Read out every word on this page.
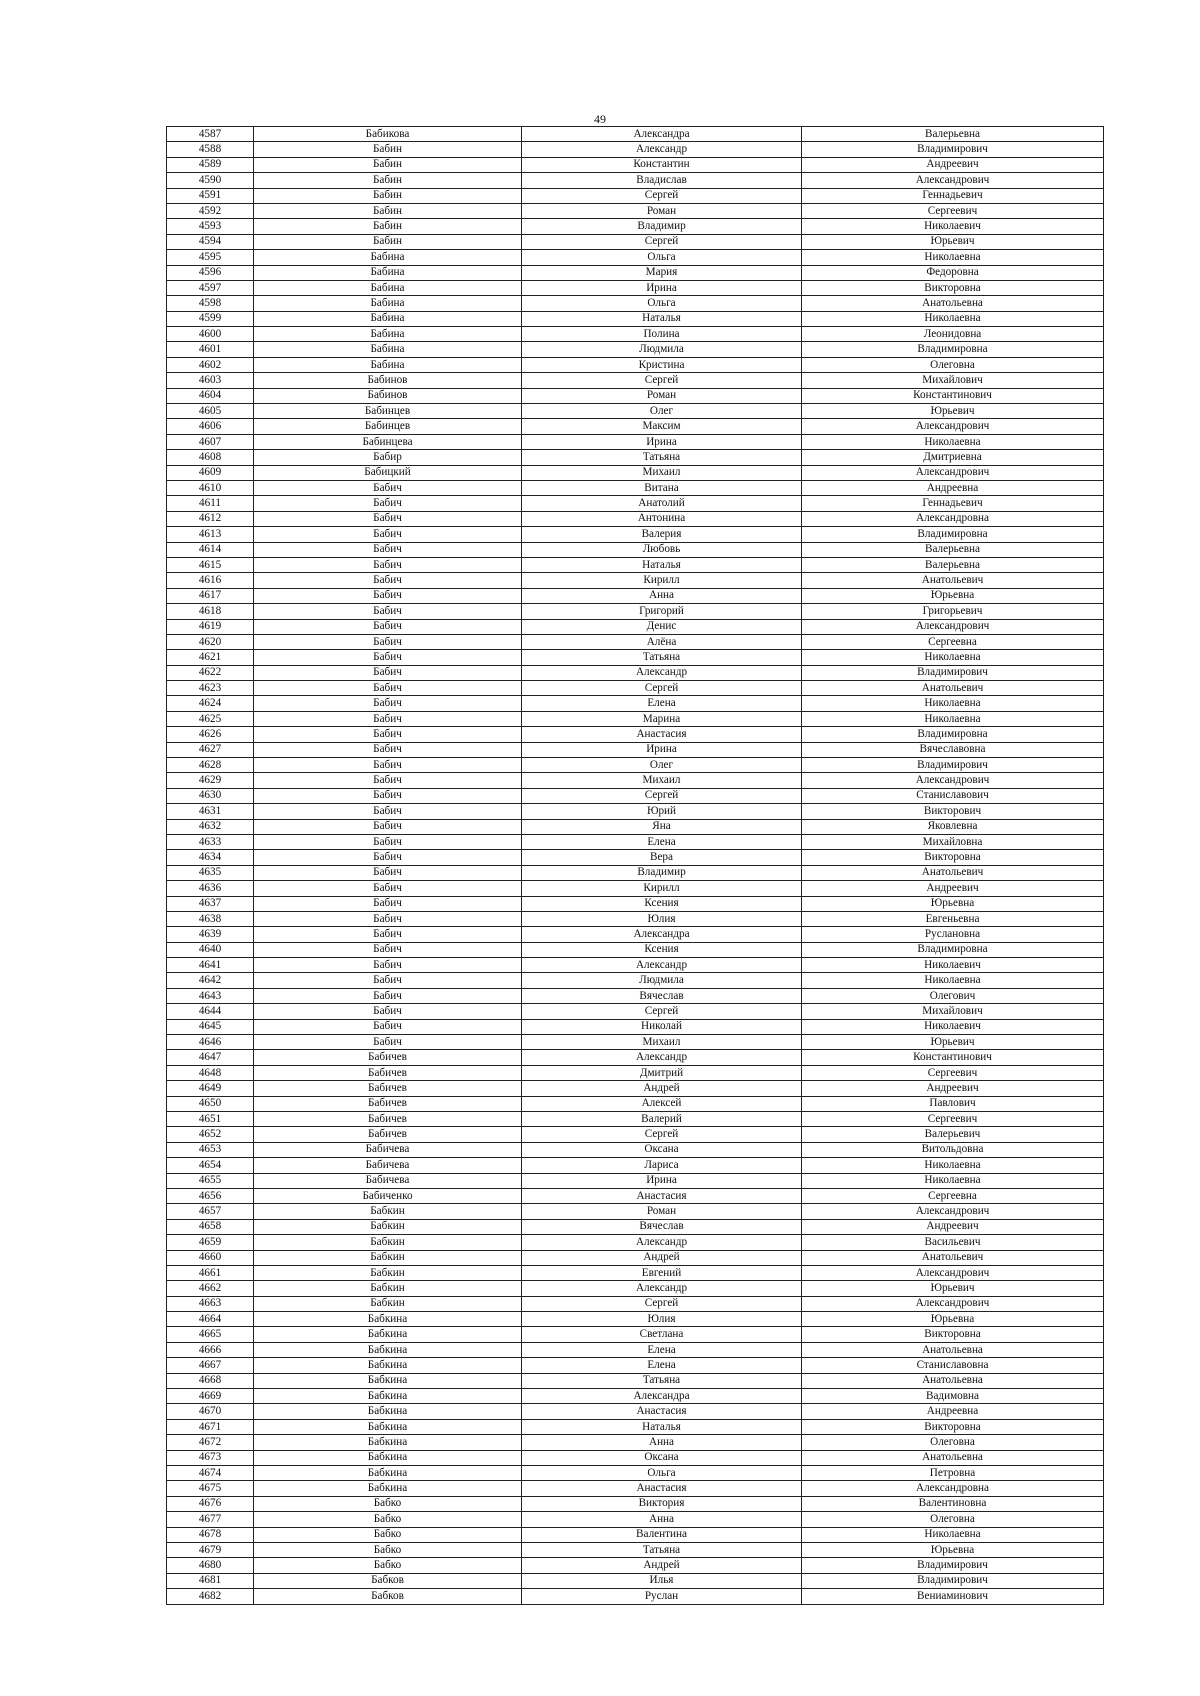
49
4587	Бабикова	Александра	Валерьевна
4588	Бабин	Александр	Владимирович
4589	Бабин	Константин	Андреевич
4590	Бабин	Владислав	Александрович
4591	Бабин	Сергей	Геннадьевич
4592	Бабин	Роман	Сергеевич
4593	Бабин	Владимир	Николаевич
4594	Бабин	Сергей	Юрьевич
4595	Бабина	Ольга	Николаевна
4596	Бабина	Мария	Федоровна
4597	Бабина	Ирина	Викторовна
4598	Бабина	Ольга	Анатольевна
4599	Бабина	Наталья	Николаевна
4600	Бабина	Полина	Леонидовна
4601	Бабина	Людмила	Владимировна
4602	Бабина	Кристина	Олеговна
4603	Бабинов	Сергей	Михайлович
4604	Бабинов	Роман	Константинович
4605	Бабинцев	Олег	Юрьевич
4606	Бабинцев	Максим	Александрович
4607	Бабинцева	Ирина	Николаевна
4608	Бабир	Татьяна	Дмитриевна
4609	Бабицкий	Михаил	Александрович
4610	Бабич	Витана	Андреевна
4611	Бабич	Анатолий	Геннадьевич
4612	Бабич	Антонина	Александровна
4613	Бабич	Валерия	Владимировна
4614	Бабич	Любовь	Валерьевна
4615	Бабич	Наталья	Валерьевна
4616	Бабич	Кирилл	Анатольевич
4617	Бабич	Анна	Юрьевна
4618	Бабич	Григорий	Григорьевич
4619	Бабич	Денис	Александрович
4620	Бабич	Алёна	Сергеевна
4621	Бабич	Татьяна	Николаевна
4622	Бабич	Александр	Владимирович
4623	Бабич	Сергей	Анатольевич
4624	Бабич	Елена	Николаевна
4625	Бабич	Марина	Николаевна
4626	Бабич	Анастасия	Владимировна
4627	Бабич	Ирина	Вячеславовна
4628	Бабич	Олег	Владимирович
4629	Бабич	Михаил	Александрович
4630	Бабич	Сергей	Станиславович
4631	Бабич	Юрий	Викторович
4632	Бабич	Яна	Яковлевна
4633	Бабич	Елена	Михайловна
4634	Бабич	Вера	Викторовна
4635	Бабич	Владимир	Анатольевич
4636	Бабич	Кирилл	Андреевич
4637	Бабич	Ксения	Юрьевна
4638	Бабич	Юлия	Евгеньевна
4639	Бабич	Александра	Руслановна
4640	Бабич	Ксения	Владимировна
4641	Бабич	Александр	Николаевич
4642	Бабич	Людмила	Николаевна
4643	Бабич	Вячеслав	Олегович
4644	Бабич	Сергей	Михайлович
4645	Бабич	Николай	Николаевич
4646	Бабич	Михаил	Юрьевич
4647	Бабичев	Александр	Константинович
4648	Бабичев	Дмитрий	Сергеевич
4649	Бабичев	Андрей	Андреевич
4650	Бабичев	Алексей	Павлович
4651	Бабичев	Валерий	Сергеевич
4652	Бабичев	Сергей	Валерьевич
4653	Бабичева	Оксана	Витольдовна
4654	Бабичева	Лариса	Николаевна
4655	Бабичева	Ирина	Николаевна
4656	Бабиченко	Анастасия	Сергеевна
4657	Бабкин	Роман	Александрович
4658	Бабкин	Вячеслав	Андреевич
4659	Бабкин	Александр	Васильевич
4660	Бабкин	Андрей	Анатольевич
4661	Бабкин	Евгений	Александрович
4662	Бабкин	Александр	Юрьевич
4663	Бабкин	Сергей	Александрович
4664	Бабкина	Юлия	Юрьевна
4665	Бабкина	Светлана	Викторовна
4666	Бабкина	Елена	Анатольевна
4667	Бабкина	Елена	Станиславовна
4668	Бабкина	Татьяна	Анатольевна
4669	Бабкина	Александра	Вадимовна
4670	Бабкина	Анастасия	Андреевна
4671	Бабкина	Наталья	Викторовна
4672	Бабкина	Анна	Олеговна
4673	Бабкина	Оксана	Анатольевна
4674	Бабкина	Ольга	Петровна
4675	Бабкина	Анастасия	Александровна
4676	Бабко	Виктория	Валентиновна
4677	Бабко	Анна	Олеговна
4678	Бабко	Валентина	Николаевна
4679	Бабко	Татьяна	Юрьевна
4680	Бабко	Андрей	Владимирович
4681	Бабков	Илья	Владимирович
4682	Бабков	Руслан	Вениаминович
